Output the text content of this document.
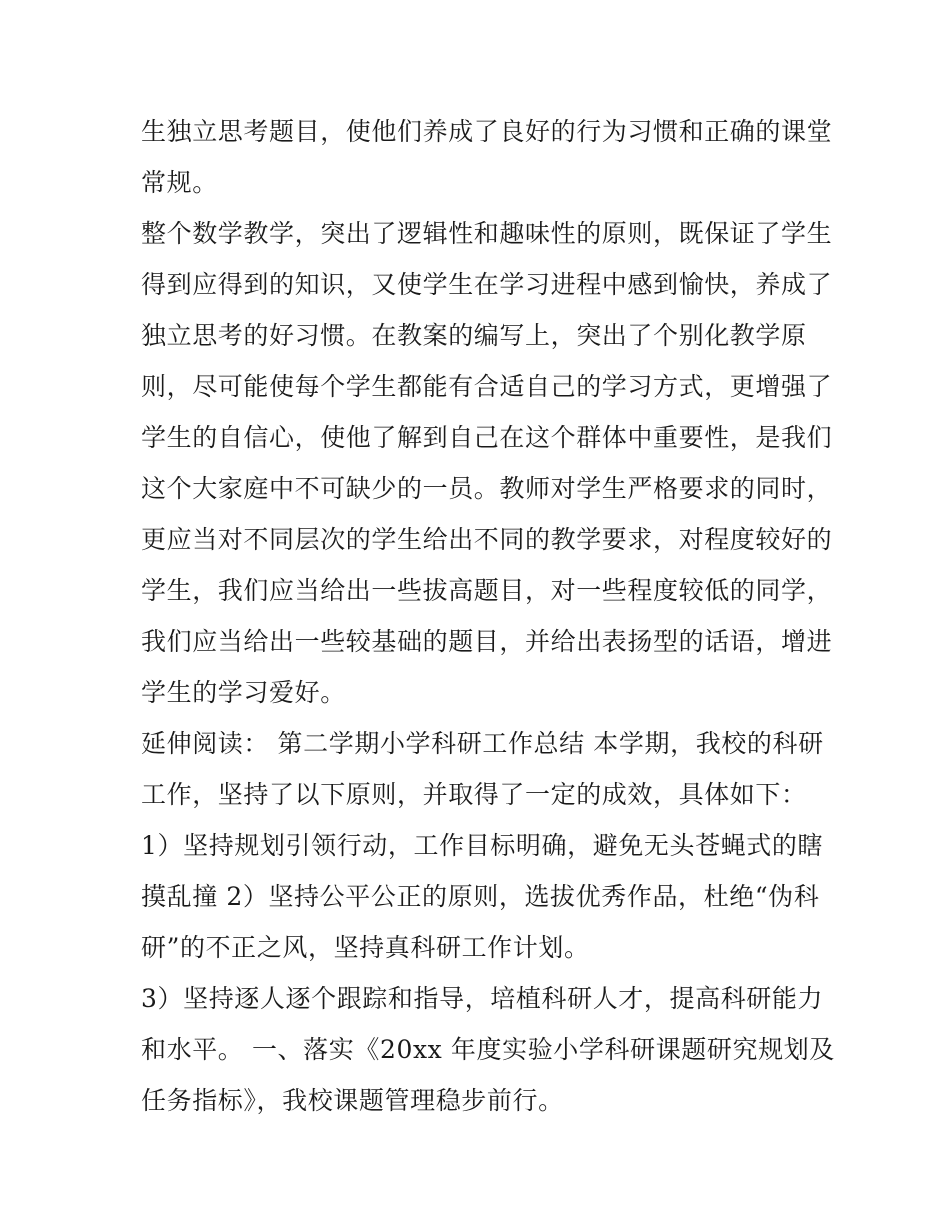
生独立思考题目，使他们养成了良好的行为习惯和正确的课堂
常规。
整个数学教学，突出了逻辑性和趣味性的原则，既保证了学生
得到应得到的知识，又使学生在学习进程中感到愉快，养成了
独立思考的好习惯。在教案的编写上，突出了个别化教学原
则，尽可能使每个学生都能有合适自己的学习方式，更增强了
学生的自信心，使他了解到自己在这个群体中重要性，是我们
这个大家庭中不可缺少的一员。教师对学生严格要求的同时，
更应当对不同层次的学生给出不同的教学要求，对程度较好的
学生，我们应当给出一些拔高题目，对一些程度较低的同学，
我们应当给出一些较基础的题目，并给出表扬型的话语，增进
学生的学习爱好。
延伸阅读： 第二学期小学科研工作总结 本学期，我校的科研
工作，坚持了以下原则，并取得了一定的成效，具体如下：
1）坚持规划引领行动，工作目标明确，避免无头苍蝇式的瞎
摸乱撞 2）坚持公平公正的原则，选拔优秀作品，杜绝“伪科
研”的不正之风，坚持真科研工作计划。
3）坚持逐人逐个跟踪和指导，培植科研人才，提高科研能力
和水平。 一、落实《20xx 年度实验小学科研课题研究规划及
任务指标》，我校课题管理稳步前行。
